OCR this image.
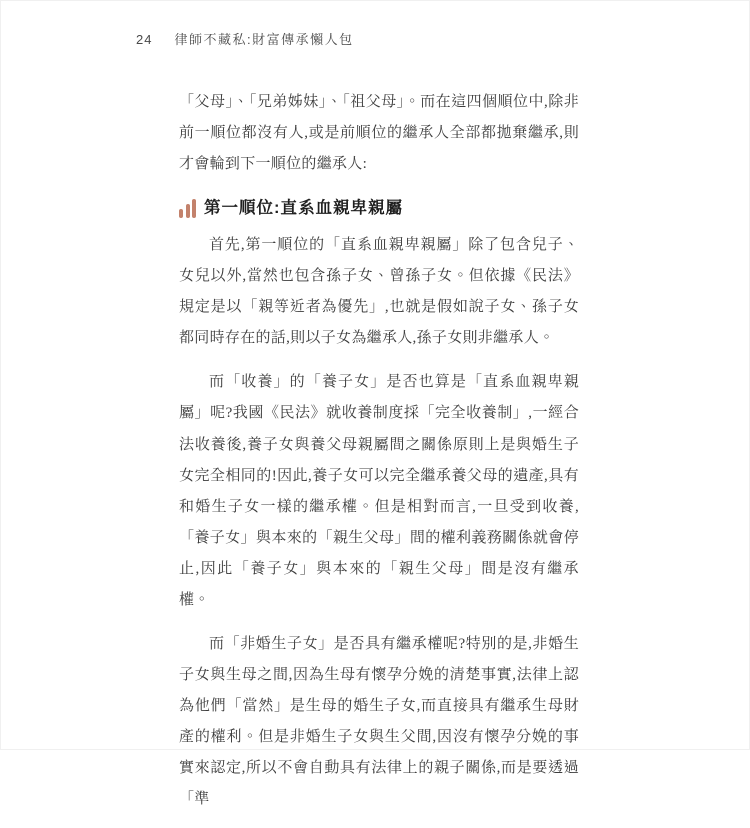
24 律師不藏私:財富傳承懶人包

「父母」、「兄弟姊妹」、「祖父母」。而在這四個順位中,除非前一順位都沒有人,或是前順位的繼承人全部都拋棄繼承,則才會輪到下一順位的繼承人:

第一順位:直系血親卑親屬

首先,第一順位的「直系血親卑親屬」除了包含兒子、女兒以外,當然也包含孫子女、曾孫子女。但依據《民法》規定是以「親等近者為優先」,也就是假如說子女、孫子女都同時存在的話,則以子女為繼承人,孫子女則非繼承人。

而「收養」的「養子女」是否也算是「直系血親卑親屬」呢?我國《民法》就收養制度採「完全收養制」,一經合法收養後,養子女與養父母親屬間之關係原則上是與婚生子女完全相同的!因此,養子女可以完全繼承養父母的遺產,具有和婚生子女一樣的繼承權。但是相對而言,一旦受到收養,「養子女」與本來的「親生父母」間的權利義務關係就會停止,因此「養子女」與本來的「親生父母」間是沒有繼承權。

而「非婚生子女」是否具有繼承權呢?特別的是,非婚生子女與生母之間,因為生母有懷孕分娩的清楚事實,法律上認為他們「當然」是生母的婚生子女,而直接具有繼承生母財產的權利。但是非婚生子女與生父間,因沒有懷孕分娩的事實來認定,所以不會自動具有法律上的親子關係,而是要透過「準
